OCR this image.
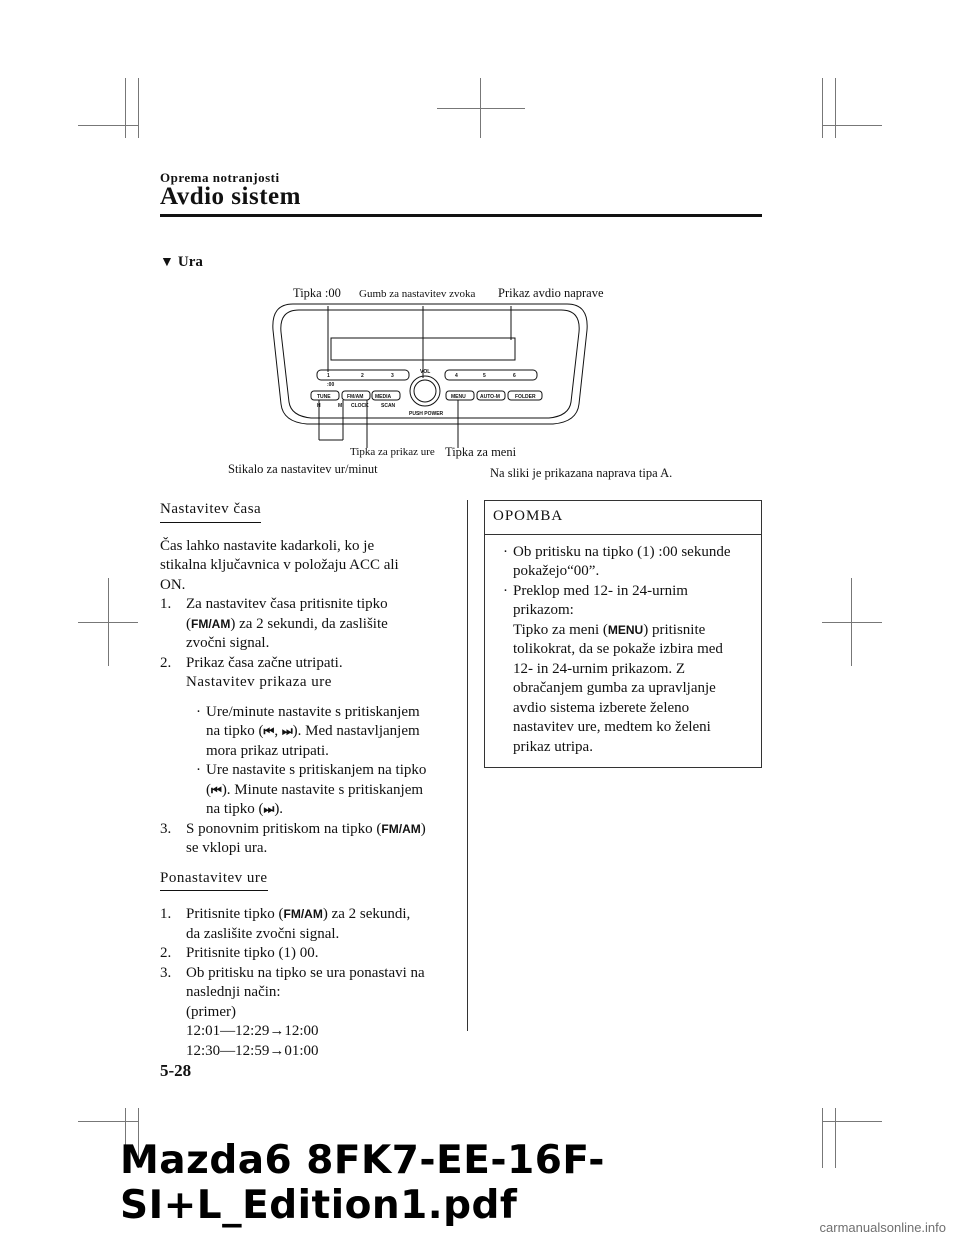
Oprema notranjosti
Avdio sistem
▼ Ura
Tipka :00 Gumb za nastavitev zvoka Prikaz avdio naprave
Tipka za prikaz ure Tipka za meni
Stikalo za nastavitev ur/minut	Na sliki je prikazana naprava tipa A.
1	2	3	4	5	6
:00
VOL
TUNE	FM/AM MEDIA
H	M CLOCK SCAN
PUSH POWER
MENU	AUTO-M	FOLDER
Nastavitev časa
Čas lahko nastavite kadarkoli, ko je
stikalna ključavnica v položaju ACC ali
ON.
1. Za nastavitev časa pritisnite tipko
(FM/AM) za 2 sekundi, da zaslišite
zvočni signal.
2. Prikaz časa začne utripati.
Nastavitev prikaza ure
· Ure/minute nastavite s pritiskanjem
na tipko (⏮, ⏭). Med nastavljanjem
mora prikaz utripati.
· Ure nastavite s pritiskanjem na tipko
(⏮). Minute nastavite s pritiskanjem
na tipko (⏭).
3. S ponovnim pritiskom na tipko (FM/AM)
se vklopi ura.
Ponastavitev ure
1. Pritisnite tipko (FM/AM) za 2 sekundi,
da zaslišite zvočni signal.
2. Pritisnite tipko (1) 00.
3. Ob pritisku na tipko se ura ponastavi na
naslednji način:
(primer)
12:01―12:29→12:00
12:30―12:59→01:00
OPOMBA
· Ob pritisku na tipko (1) :00 sekunde
pokažejo“00”.
· Preklop med 12- in 24-urnim
prikazom:
Tipko za meni (MENU) pritisnite
tolikokrat, da se pokaže izbira med
12- in 24-urnim prikazom. Z
obračanjem gumba za upravljanje
avdio sistema izberete želeno
nastavitev ure, medtem ko želeni
prikaz utripa.
5-28
Mazda6 8FK7-EE-16F-SI+L_Edition1.pdf	carmanualsonline.info
